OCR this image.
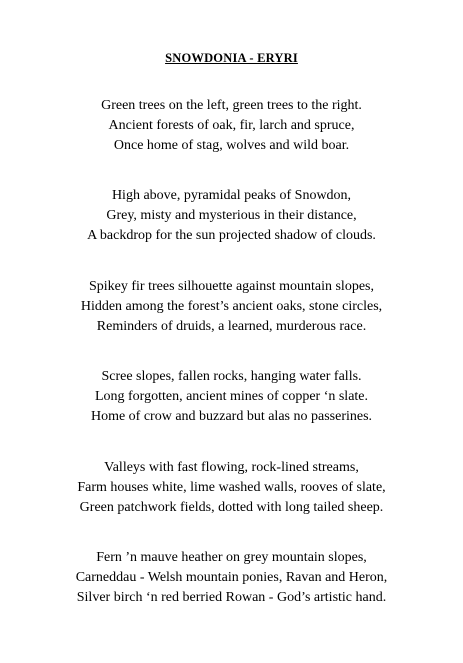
SNOWDONIA - ERYRI
Green trees on the left, green trees to the right.
Ancient forests of oak, fir, larch and spruce,
Once home of stag, wolves and wild boar.
High above, pyramidal peaks of Snowdon,
Grey, misty and mysterious in their distance,
A backdrop for the sun projected shadow of clouds.
Spikey fir trees silhouette against mountain slopes,
Hidden among the forest’s ancient oaks, stone circles,
Reminders of druids, a learned, murderous race.
Scree slopes, fallen rocks, hanging water falls.
Long forgotten, ancient mines of copper ‘n slate.
Home of crow and buzzard but alas no passerines.
Valleys with fast flowing, rock-lined streams,
Farm houses white, lime washed walls, rooves of slate,
Green patchwork fields, dotted with long tailed sheep.
Fern ’n mauve heather on grey mountain slopes,
Carneddau - Welsh mountain ponies, Ravan and Heron,
Silver birch ‘n red berried Rowan - God’s artistic hand.
